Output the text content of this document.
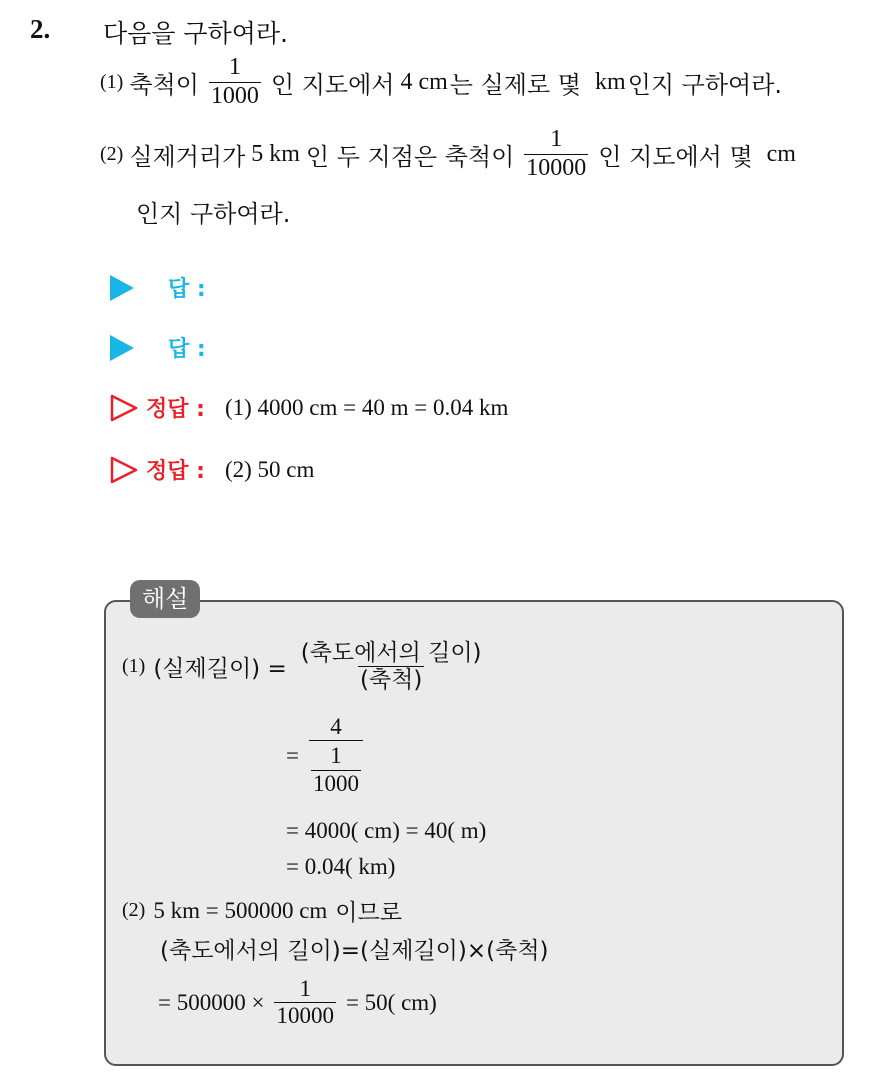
2. 다음을 구하여라.
(1) 축척이 $\frac{1}{1000}$ 인 지도에서 4 cm 는 실제로 몇 km 인지 구하여라.
(2) 실제거리가 5 km 인 두 지점은 축척이 $\frac{1}{10000}$ 인 지도에서 몇 cm
인지 구하여라.
답 :
답 :
정답 : (1) 4000 cm = 40 m = 0.04 km
정답 : (2) 50 cm
해설
(1) (실제길이) = $\frac{\text{(축도에서의 길이)}}{\text{(축척)}}$
= $\frac{4}{\frac{1}{1000}}$
= 4000( cm) = 40( m)
= 0.04( km)
(2) 5 km = 500000 cm 이므로
(축도에서의 길이)=(실제길이)×(축척)
= $500000 \times \frac{1}{10000} = 50$( cm)
